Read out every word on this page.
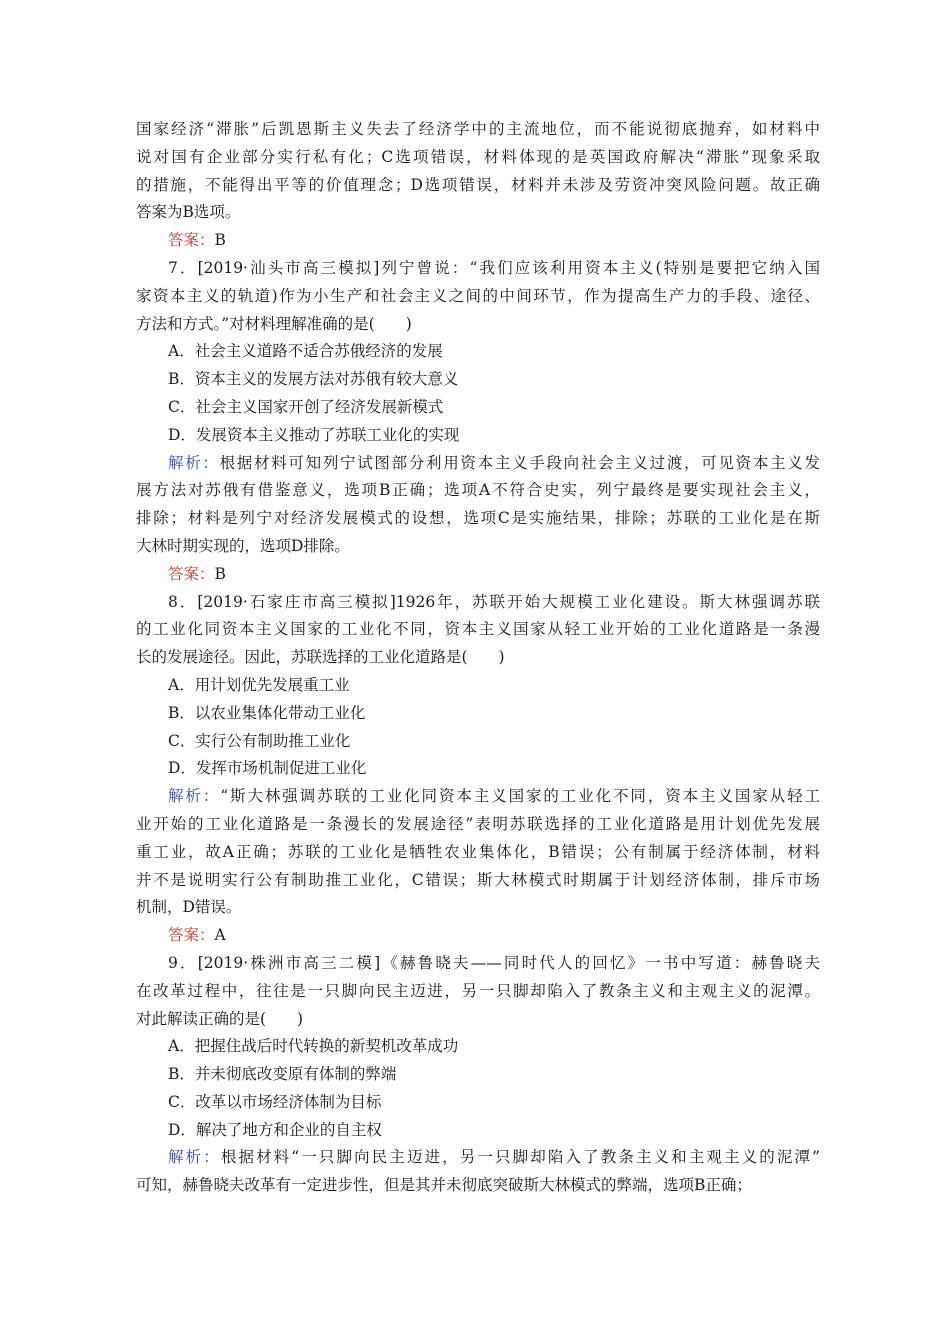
国家经济“滞胀”后凯恩斯主义失去了经济学中的主流地位，而不能说彻底抛弃，如材料中
说对国有企业部分实行私有化；C选项错误，材料体现的是英国政府解决“滞胀”现象采取
的措施，不能得出平等的价值理念；D选项错误，材料并未涉及劳资冲突风险问题。故正确
答案为B选项。
答案：B
7．[2019·汕头市高三模拟]列宁曾说：“我们应该利用资本主义(特别是要把它纳入国
家资本主义的轨道)作为小生产和社会主义之间的中间环节，作为提高生产力的手段、途径、
方法和方式。”对材料理解准确的是(　　)
A．社会主义道路不适合苏俄经济的发展
B．资本主义的发展方法对苏俄有较大意义
C．社会主义国家开创了经济发展新模式
D．发展资本主义推动了苏联工业化的实现
解析：根据材料可知列宁试图部分利用资本主义手段向社会主义过渡，可见资本主义发
展方法对苏俄有借鉴意义，选项B正确；选项A不符合史实，列宁最终是要实现社会主义，
排除；材料是列宁对经济发展模式的设想，选项C是实施结果，排除；苏联的工业化是在斯
大林时期实现的，选项D排除。
答案：B
8．[2019·石家庄市高三模拟]1926年，苏联开始大规模工业化建设。斯大林强调苏联
的工业化同资本主义国家的工业化不同，资本主义国家从轻工业开始的工业化道路是一条漫
长的发展途径。因此，苏联选择的工业化道路是(　　)
A．用计划优先发展重工业
B．以农业集体化带动工业化
C．实行公有制助推工业化
D．发挥市场机制促进工业化
解析：“斯大林强调苏联的工业化同资本主义国家的工业化不同，资本主义国家从轻工
业开始的工业化道路是一条漫长的发展途径”表明苏联选择的工业化道路是用计划优先发展
重工业，故A正确；苏联的工业化是牺牲农业集体化，B错误；公有制属于经济体制，材料
并不是说明实行公有制助推工业化，C错误；斯大林模式时期属于计划经济体制，排斥市场
机制，D错误。
答案：A
9．[2019·株洲市高三二模]《赫鲁晓夫——同时代人的回忆》一书中写道：赫鲁晓夫
在改革过程中，往往是一只脚向民主迈进，另一只脚却陷入了教条主义和主观主义的泥潭。
对此解读正确的是(　　)
A．把握住战后时代转换的新契机改革成功
B．并未彻底改变原有体制的弊端
C．改革以市场经济体制为目标
D．解决了地方和企业的自主权
解析：根据材料“一只脚向民主迈进，另一只脚却陷入了教条主义和主观主义的泥潭”
可知，赫鲁晓夫改革有一定进步性，但是其并未彻底突破斯大林模式的弊端，选项B正确；
